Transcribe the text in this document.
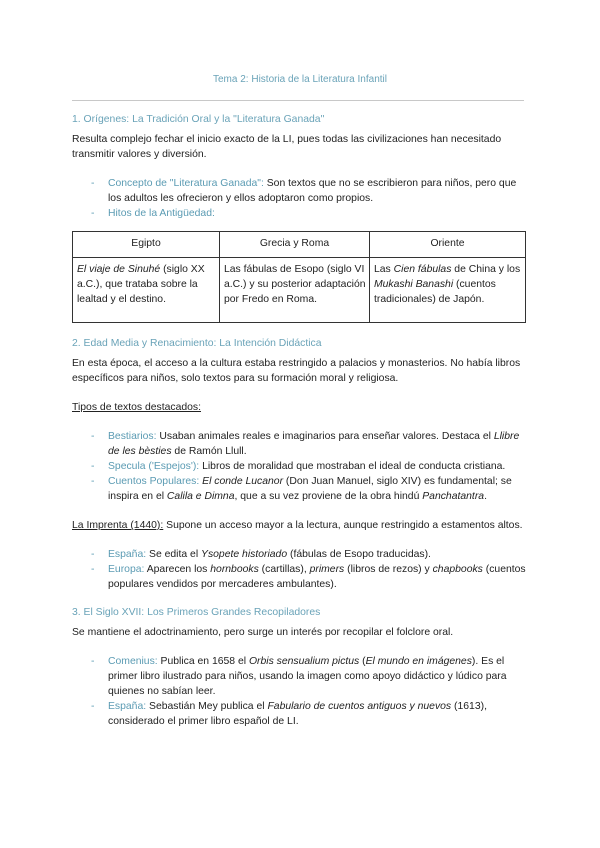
Tema 2: Historia de la Literatura Infantil
1. Orígenes: La Tradición Oral y la "Literatura Ganada"

Resulta complejo fechar el inicio exacto de la LI, pues todas las civilizaciones han necesitado transmitir valores y diversión.

- Concepto de "Literatura Ganada": Son textos que no se escribieron para niños, pero que los adultos les ofrecieron y ellos adoptaron como propios.
- Hitos de la Antigüedad:
Egipto	Grecia y Roma	Oriente
El viaje de Sinuhé (siglo XX a.C.), que trataba sobre la lealtad y el destino.	Las fábulas de Esopo (siglo VI a.C.) y su posterior adaptación por Fredo en Roma.	Las Cien fábulas de China y los Mukashi Banashi (cuentos tradicionales) de Japón.
2. Edad Media y Renacimiento: La Intención Didáctica

En esta época, el acceso a la cultura estaba restringido a palacios y monasterios. No había libros específicos para niños, solo textos para su formación moral y religiosa.

Tipos de textos destacados:

- Bestiarios: Usaban animales reales e imaginarios para enseñar valores. Destaca el Llibre de les bèsties de Ramón Llull.
- Specula ('Espejos'): Libros de moralidad que mostraban el ideal de conducta cristiana.
- Cuentos Populares: El conde Lucanor (Don Juan Manuel, siglo XIV) es fundamental; se inspira en el Calila e Dimna, que a su vez proviene de la obra hindú Panchatantra.

La Imprenta (1440): Supone un acceso mayor a la lectura, aunque restringido a estamentos altos.

- España: Se edita el Ysopete historiado (fábulas de Esopo traducidas).
- Europa: Aparecen los hornbooks (cartillas), primers (libros de rezos) y chapbooks (cuentos populares vendidos por mercaderes ambulantes).
3. El Siglo XVII: Los Primeros Grandes Recopiladores

Se mantiene el adoctrinamiento, pero surge un interés por recopilar el folclore oral.

- Comenius: Publica en 1658 el Orbis sensualium pictus (El mundo en imágenes). Es el primer libro ilustrado para niños, usando la imagen como apoyo didáctico y lúdico para quienes no sabían leer.
- España: Sebastián Mey publica el Fabulario de cuentos antiguos y nuevos (1613), considerado el primer libro español de LI.
